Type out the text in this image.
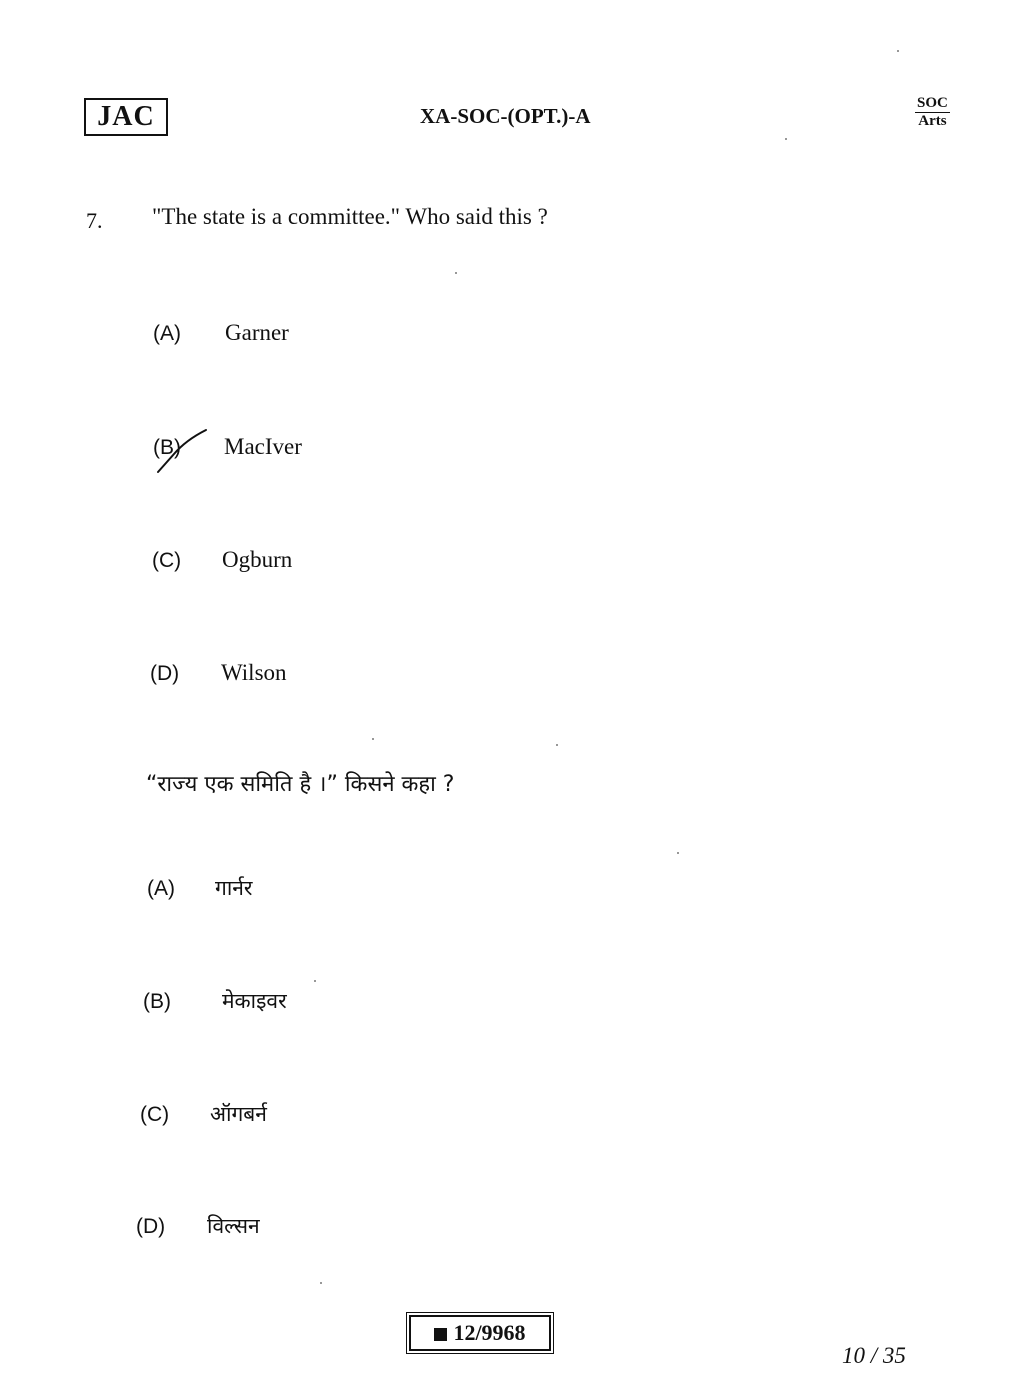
JAC	XA-SOC-(OPT.)-A
SOC
Arts
7. "The state is a committee." Who said this ?
(A) Garner
(B) MacIver
(C) Ogburn
(D) Wilson
“राज्य एक समिति है ।” किसने कहा ?
(A) गार्नर
(B) मेकाइवर
(C) ऑगबर्न
(D) विल्सन
12/9968
10 / 35
